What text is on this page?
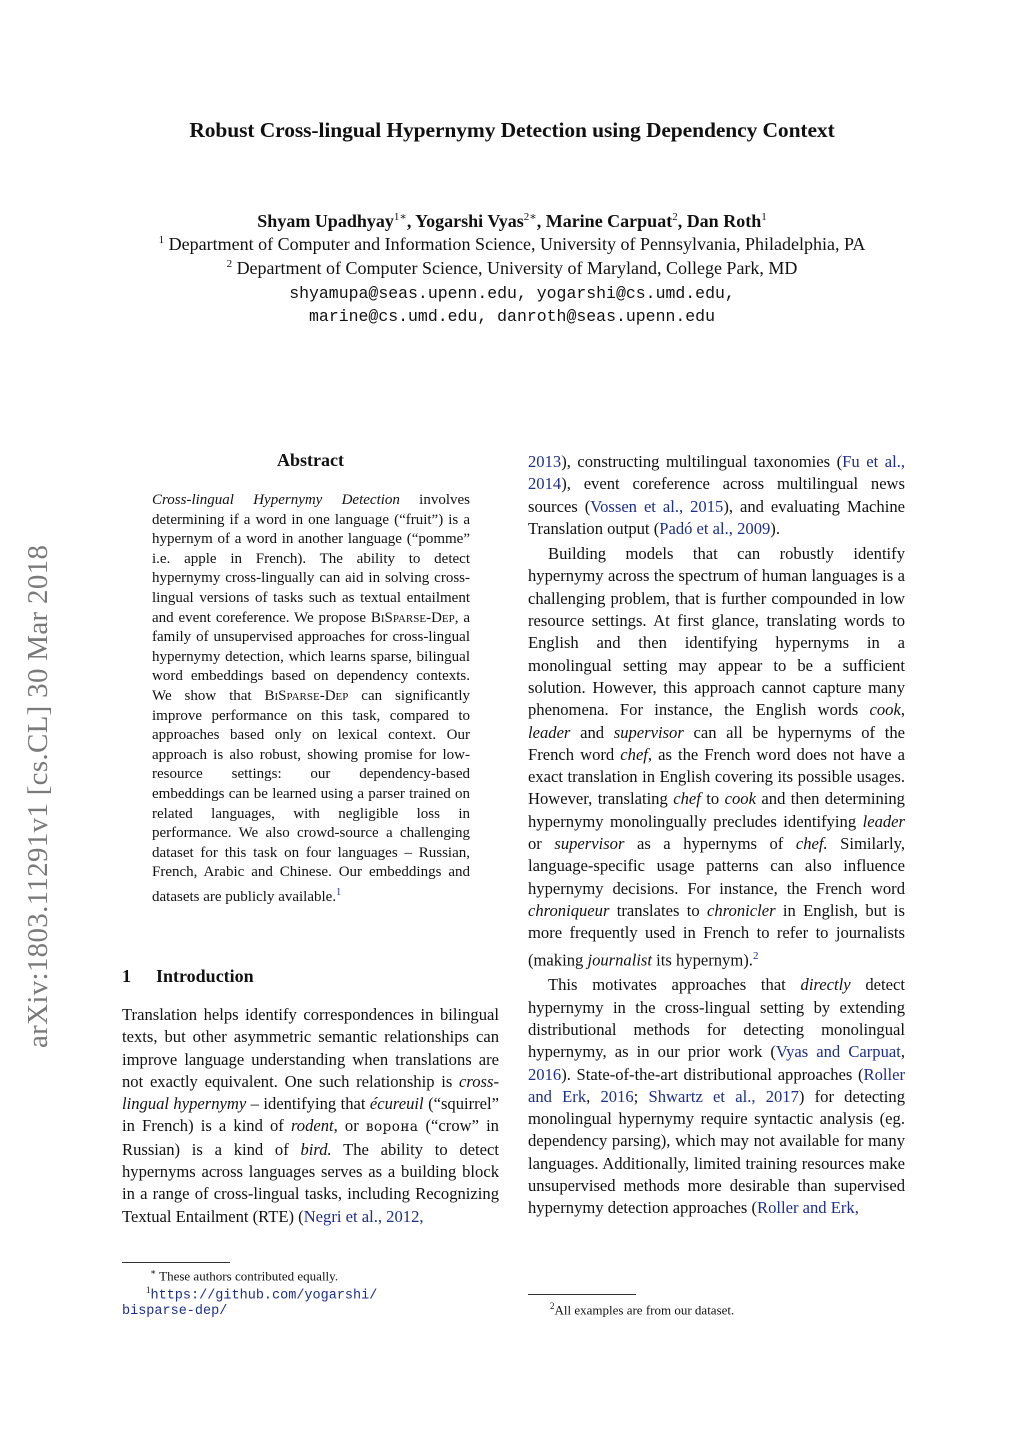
Robust Cross-lingual Hypernymy Detection using Dependency Context
Shyam Upadhyay$^{1∗}$, Yogarshi Vyas$^{2∗}$, Marine Carpuat$^2$, Dan Roth$^1$
$^1$ Department of Computer and Information Science, University of Pennsylvania, Philadelphia, PA
$^2$ Department of Computer Science, University of Maryland, College Park, MD
shyamupa@seas.upenn.edu, yogarshi@cs.umd.edu,
marine@cs.umd.edu, danroth@seas.upenn.edu
arXiv:1803.11291v1 [cs.CL] 30 Mar 2018
Abstract
Cross-lingual Hypernymy Detection involves determining if a word in one language (“fruit”) is a hypernym of a word in another language (“pomme” i.e. apple in French). The ability to detect hypernymy cross-lingually can aid in solving cross-lingual versions of tasks such as textual entailment and event coreference. We propose BiSparse-Dep, a family of unsupervised approaches for cross-lingual hypernymy detection, which learns sparse, bilingual word embeddings based on dependency contexts. We show that BiSparse-Dep can significantly improve performance on this task, compared to approaches based only on lexical context. Our approach is also robust, showing promise for low-resource settings: our dependency-based embeddings can be learned using a parser trained on related languages, with negligible loss in performance. We also crowd-source a challenging dataset for this task on four languages – Russian, French, Arabic and Chinese. Our embeddings and datasets are publicly available.$^1$
1 Introduction

Translation helps identify correspondences in bilingual texts, but other asymmetric semantic relationships can improve language understanding when translations are not exactly equivalent. One such relationship is cross-lingual hypernymy – identifying that écureuil (“squirrel” in French) is a kind of rodent, or ворона (“crow” in Russian) is a kind of bird. The ability to detect hypernyms across languages serves as a building block in a range of cross-lingual tasks, including Recognizing Textual Entailment (RTE) (Negri et al., 2012,

∗ These authors contributed equally.
$^1$https://github.com/yogarshi/
bisparse-dep/

2013), constructing multilingual taxonomies (Fu et al., 2014), event coreference across multilingual news sources (Vossen et al., 2015), and evaluating Machine Translation output (Padó et al., 2009).

Building models that can robustly identify hypernymy across the spectrum of human languages is a challenging problem, that is further compounded in low resource settings. At first glance, translating words to English and then identifying hypernyms in a monolingual setting may appear to be a sufficient solution. However, this approach cannot capture many phenomena. For instance, the English words cook, leader and supervisor can all be hypernyms of the French word chef, as the French word does not have a exact translation in English covering its possible usages. However, translating chef to cook and then determining hypernymy monolingually precludes identifying leader or supervisor as a hypernyms of chef. Similarly, language-specific usage patterns can also influence hypernymy decisions. For instance, the French word chroniqueur translates to chronicler in English, but is more frequently used in French to refer to journalists (making journalist its hypernym).$^2$

This motivates approaches that directly detect hypernymy in the cross-lingual setting by extending distributional methods for detecting monolingual hypernymy, as in our prior work (Vyas and Carpuat, 2016). State-of-the-art distributional approaches (Roller and Erk, 2016; Shwartz et al., 2017) for detecting monolingual hypernymy require syntactic analysis (eg. dependency parsing), which may not available for many languages. Additionally, limited training resources make unsupervised methods more desirable than supervised hypernymy detection approaches (Roller and Erk,

$^2$All examples are from our dataset.
